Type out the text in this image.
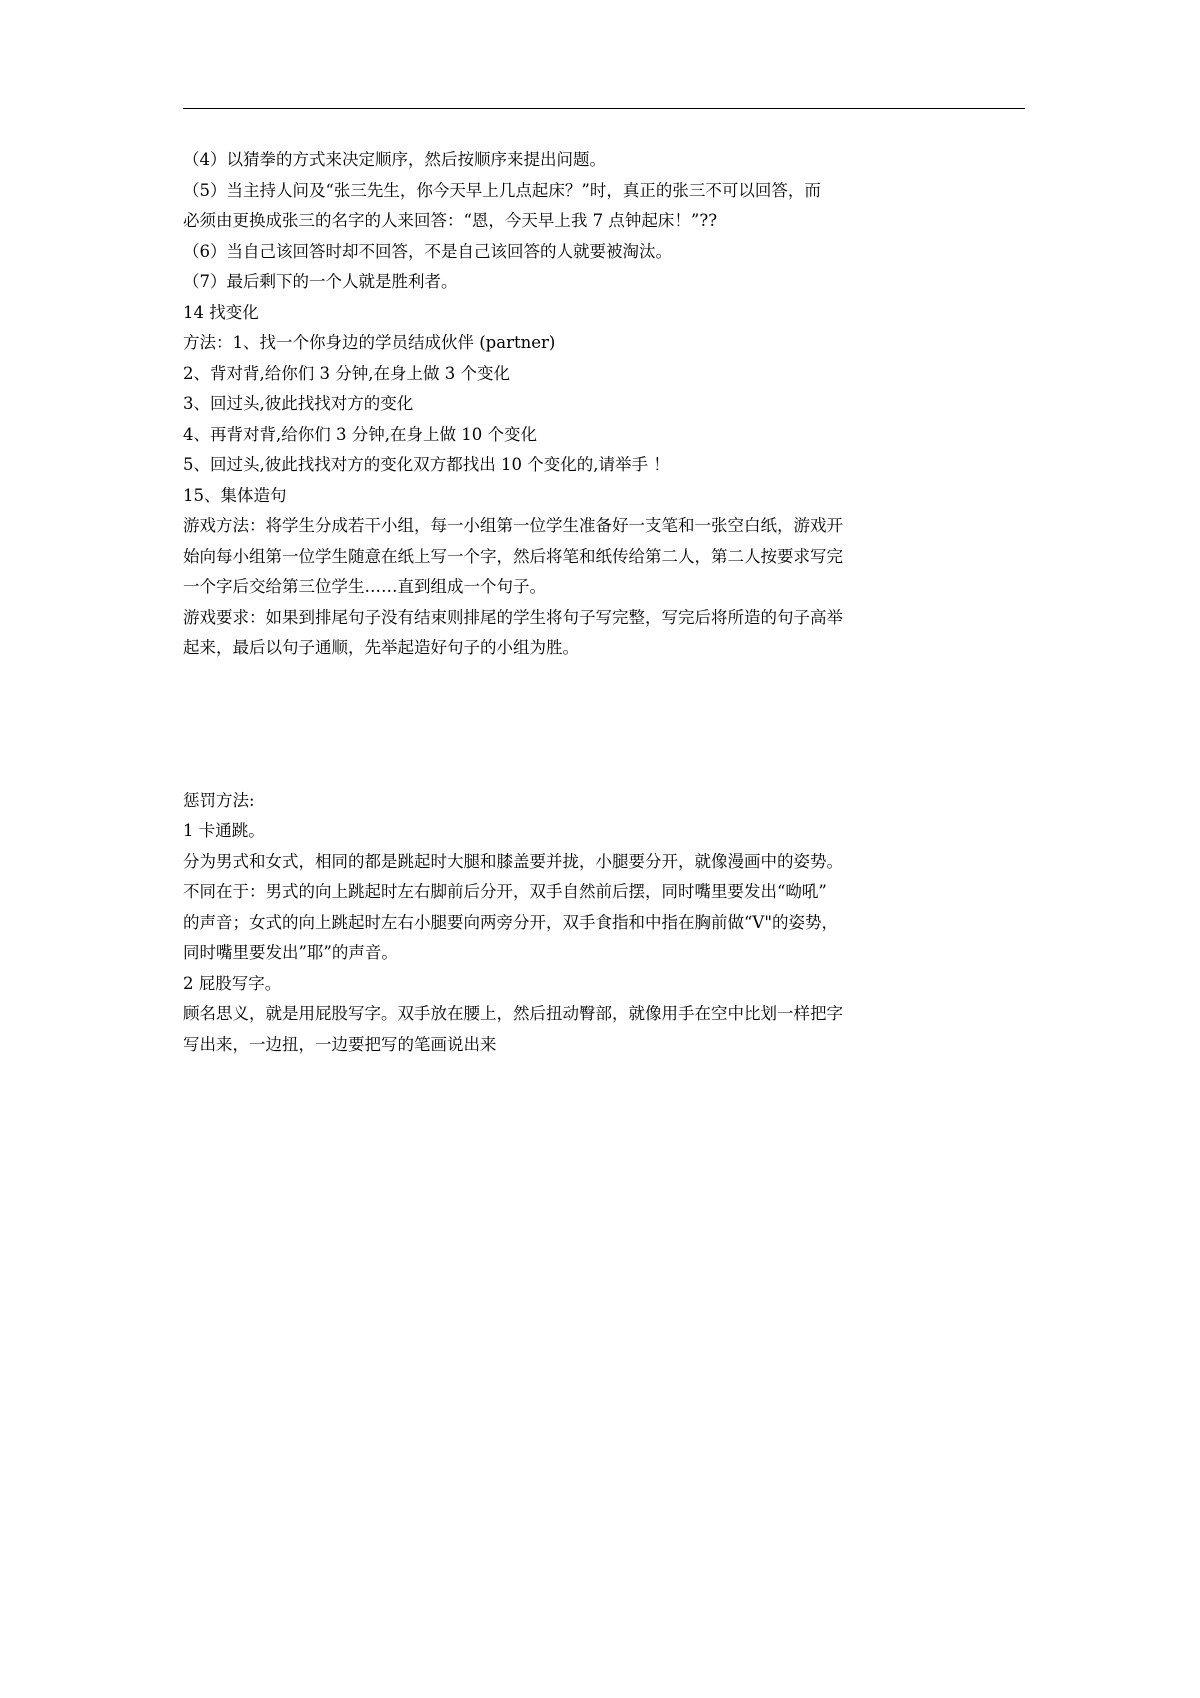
（4）以猜拳的方式来决定顺序，然后按顺序来提出问题。
（5）当主持人问及“张三先生，你今天早上几点起床？”时，真正的张三不可以回答，而
必须由更换成张三的名字的人来回答：“恩，今天早上我 7 点钟起床！”??
（6）当自己该回答时却不回答，不是自己该回答的人就要被淘汰。
（7）最后剩下的一个人就是胜利者。
14 找变化
方法：1、找一个你身边的学员结成伙伴 (partner)
2、背对背,给你们 3 分钟,在身上做 3 个变化
3、回过头,彼此找找对方的变化
4、再背对背,给你们 3 分钟,在身上做 10 个变化
5、回过头,彼此找找对方的变化双方都找出 10 个变化的,请举手 ！
15、集体造句
游戏方法：将学生分成若干小组，每一小组第一位学生准备好一支笔和一张空白纸，游戏开
始向每小组第一位学生随意在纸上写一个字，然后将笔和纸传给第二人，第二人按要求写完
一个字后交给第三位学生……直到组成一个句子。
游戏要求：如果到排尾句子没有结束则排尾的学生将句子写完整，写完后将所造的句子高举
起来，最后以句子通顺，先举起造好句子的小组为胜。
惩罚方法:
1 卡通跳。
分为男式和女式，相同的都是跳起时大腿和膝盖要并拢，小腿要分开，就像漫画中的姿势。
不同在于：男式的向上跳起时左右脚前后分开，双手自然前后摆，同时嘴里要发出“呦吼”
的声音；女式的向上跳起时左右小腿要向两旁分开，双手食指和中指在胸前做“V"的姿势，
同时嘴里要发出”耶”的声音。
2 屁股写字。
顾名思义，就是用屁股写字。双手放在腰上，然后扭动臀部，就像用手在空中比划一样把字
写出来，一边扭，一边要把写的笔画说出来
